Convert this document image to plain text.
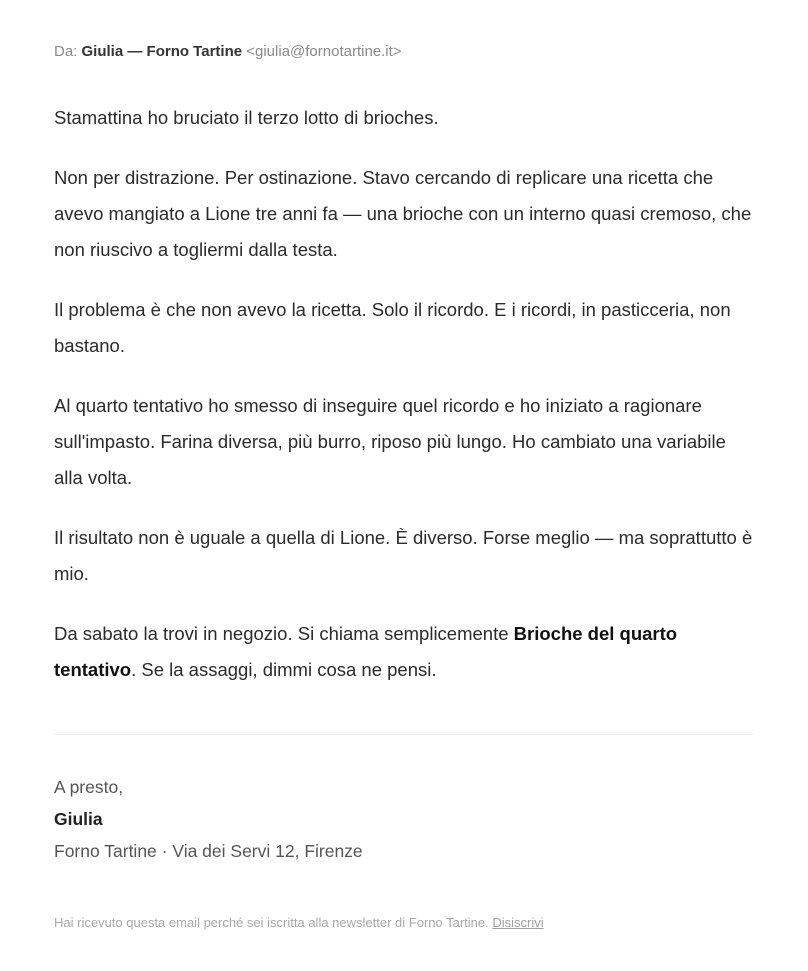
Da: Giulia — Forno Tartine <giulia@fornotartine.it>

Stamattina ho bruciato il terzo lotto di brioches.

Non per distrazione. Per ostinazione. Stavo cercando di replicare una ricetta che avevo mangiato a Lione tre anni fa — una brioche con un interno quasi cremoso, che non riuscivo a togliermi dalla testa.

Il problema è che non avevo la ricetta. Solo il ricordo. E i ricordi, in pasticceria, non bastano.

Al quarto tentativo ho smesso di inseguire quel ricordo e ho iniziato a ragionare sull'impasto. Farina diversa, più burro, riposo più lungo. Ho cambiato una variabile alla volta.

Il risultato non è uguale a quella di Lione. È diverso. Forse meglio — ma soprattutto è mio.

Da sabato la trovi in negozio. Si chiama semplicemente Brioche del quarto tentativo. Se la assaggi, dimmi cosa ne pensi.

A presto,
Giulia
Forno Tartine · Via dei Servi 12, Firenze
Hai ricevuto questa email perché sei iscritta alla newsletter di Forno Tartine. Disiscrivi
